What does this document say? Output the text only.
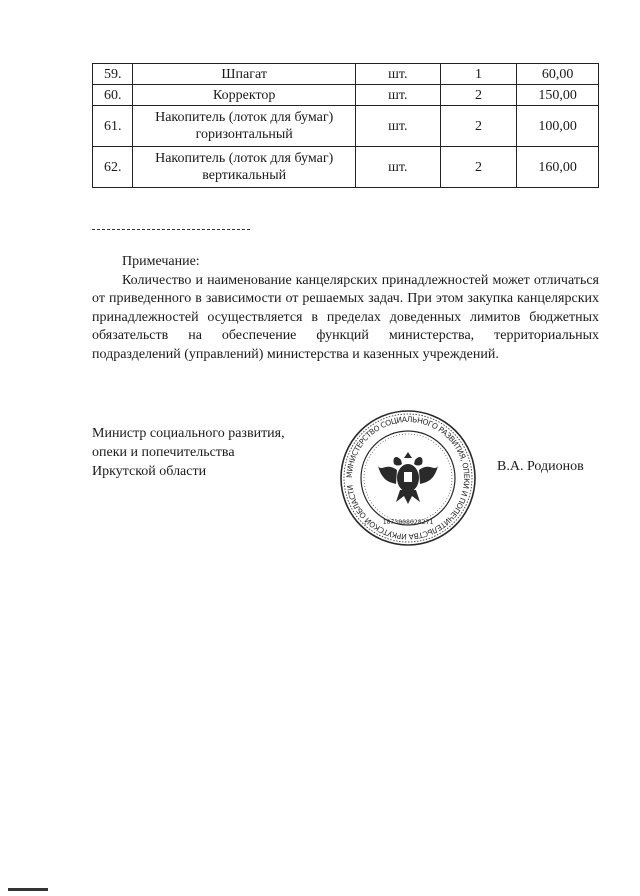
59.	Шпагат	шт.	1	60,00
60.	Корректор	шт.	2	150,00
61.	Накопитель (лоток для бумаг)
горизонтальный	шт.	2	100,00
62.	Накопитель (лоток для бумаг)
вертикальный	шт.	2	160,00
Примечание:

Количество и наименование канцелярских принадлежностей может отличаться от приведенного в зависимости от решаемых задач. При этом закупка канцелярских принадлежностей осуществляется в пределах доведенных лимитов бюджетных обязательств на обеспечение функций министерства, территориальных подразделений (управлений) министерства и казенных учреждений.

Министр социального развития,
опеки и попечительства
Иркутской области	В.А. Родионов
МИНИСТЕРСТВО СОЦИАЛЬНОГО РАЗВИТИЯ, ОПЕКИ И ПОПЕЧИТЕЛЬСТВА ИРКУТСКОЙ ОБЛАСТИ
1073808028271
